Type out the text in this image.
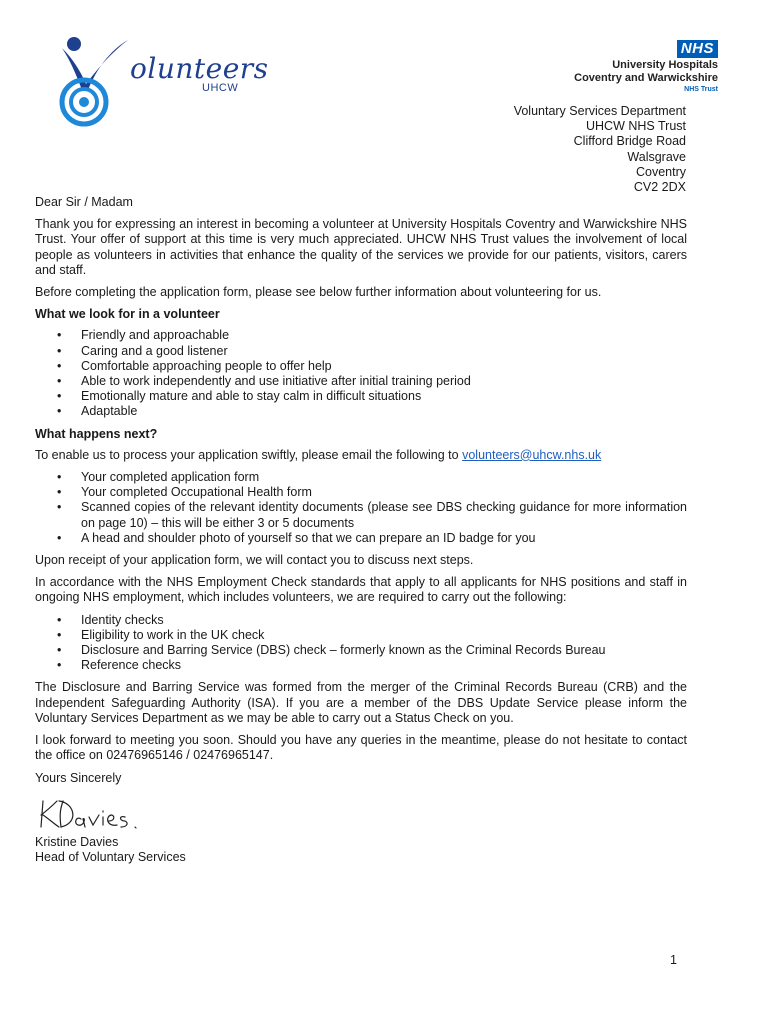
olunteers
UHCW
NHS
University Hospitals
Coventry and Warwickshire
NHS Trust
Voluntary Services Department
UHCW NHS Trust
Clifford Bridge Road
Walsgrave
Coventry
CV2 2DX

Dear Sir / Madam

Thank you for expressing an interest in becoming a volunteer at University Hospitals Coventry and Warwickshire NHS Trust. Your offer of support at this time is very much appreciated. UHCW NHS Trust values the involvement of local people as volunteers in activities that enhance the quality of the services we provide for our patients, visitors, carers and staff.

Before completing the application form, please see below further information about volunteering for us.

What we look for in a volunteer
• Friendly and approachable
• Caring and a good listener
• Comfortable approaching people to offer help
• Able to work independently and use initiative after initial training period
• Emotionally mature and able to stay calm in difficult situations
• Adaptable
What happens next?

To enable us to process your application swiftly, please email the following to volunteers@uhcw.nhs.uk

• Your completed application form
• Your completed Occupational Health form
• Scanned copies of the relevant identity documents (please see DBS checking guidance for more information on page 10) – this will be either 3 or 5 documents
• A head and shoulder photo of yourself so that we can prepare an ID badge for you

Upon receipt of your application form, we will contact you to discuss next steps.

In accordance with the NHS Employment Check standards that apply to all applicants for NHS positions and staff in ongoing NHS employment, which includes volunteers, we are required to carry out the following:

• Identity checks
• Eligibility to work in the UK check
• Disclosure and Barring Service (DBS) check – formerly known as the Criminal Records Bureau
• Reference checks

The Disclosure and Barring Service was formed from the merger of the Criminal Records Bureau (CRB) and the Independent Safeguarding Authority (ISA). If you are a member of the DBS Update Service please inform the Voluntary Services Department as we may be able to carry out a Status Check on you.

I look forward to meeting you soon. Should you have any queries in the meantime, please do not hesitate to contact the office on 02476965146 / 02476965147.

Yours Sincerely

Kristine Davies
Head of Voluntary Services
1
